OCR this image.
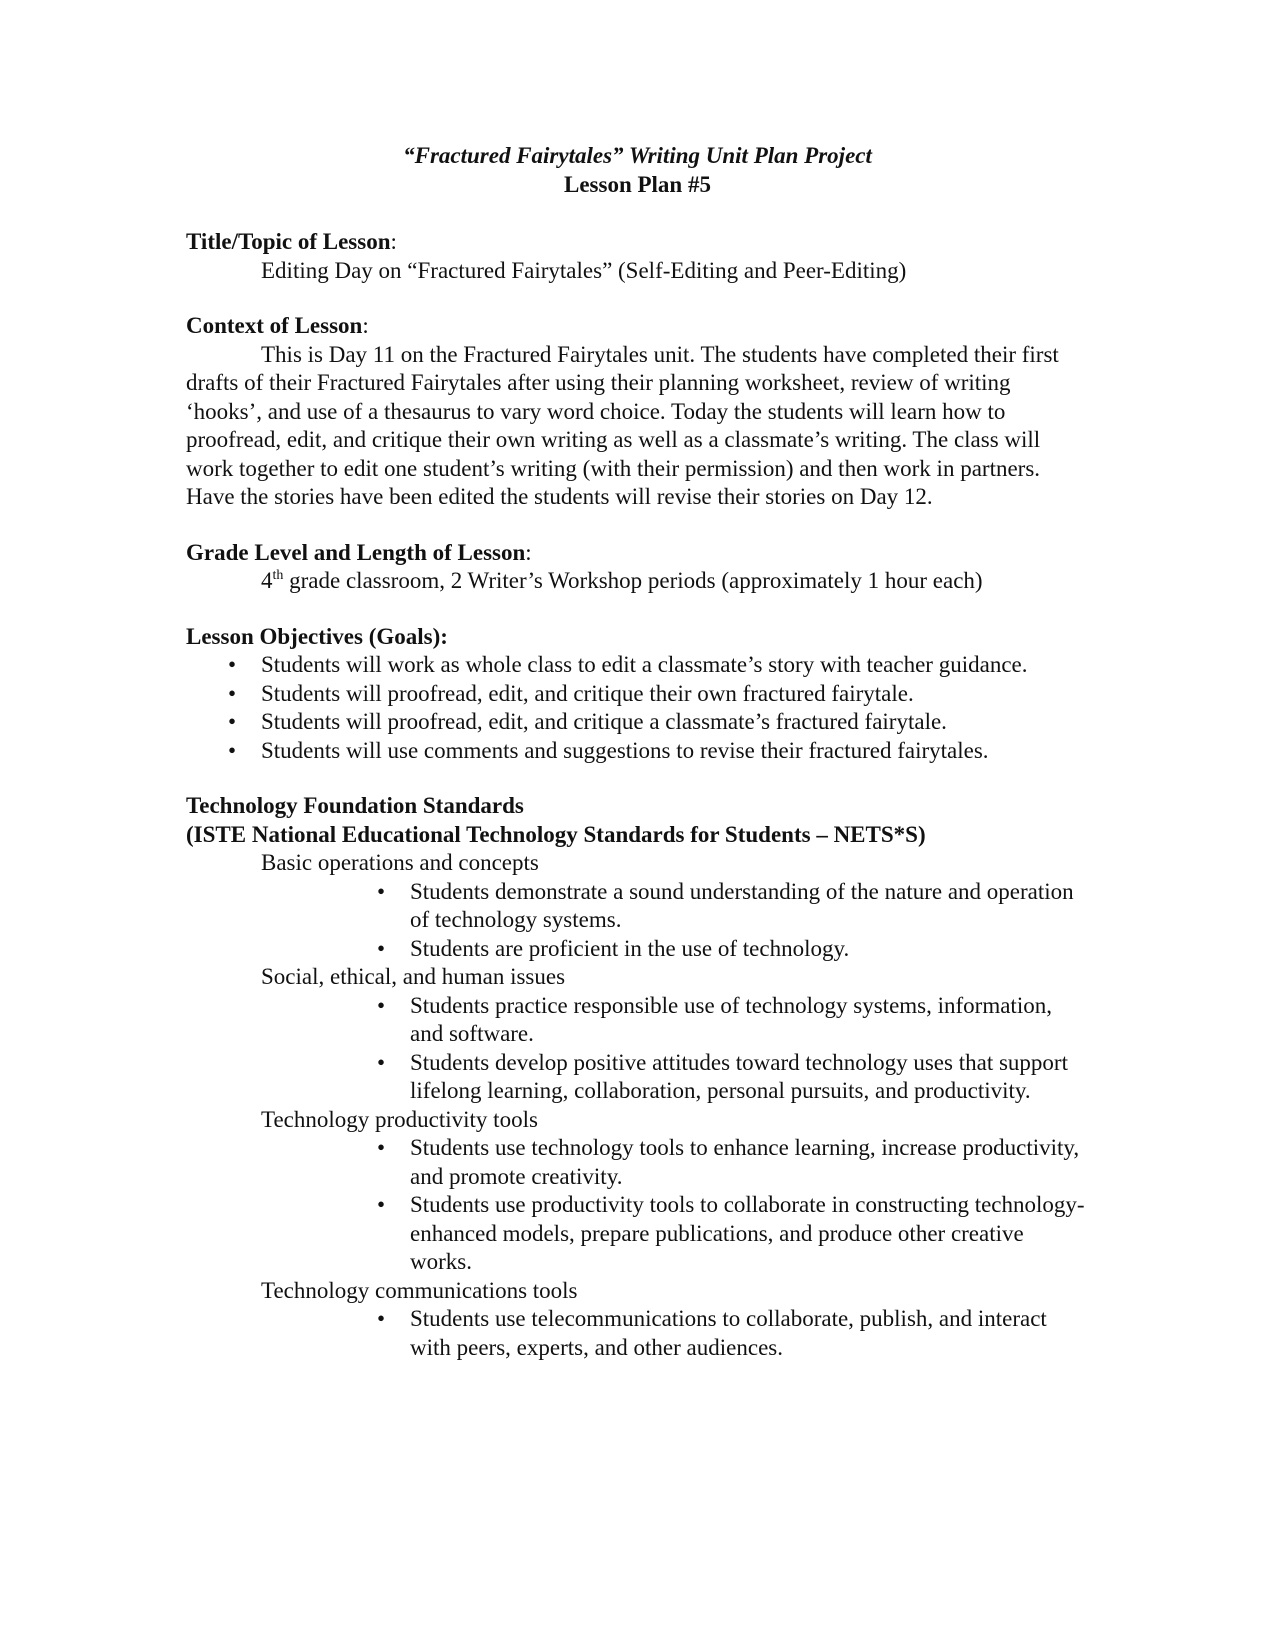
“Fractured Fairytales” Writing Unit Plan Project
Lesson Plan #5
Title/Topic of Lesson:
Editing Day on “Fractured Fairytales” (Self-Editing and Peer-Editing)
Context of Lesson:
This is Day 11 on the Fractured Fairytales unit. The students have completed their first drafts of their Fractured Fairytales after using their planning worksheet, review of writing ‘hooks’, and use of a thesaurus to vary word choice. Today the students will learn how to proofread, edit, and critique their own writing as well as a classmate’s writing. The class will work together to edit one student’s writing (with their permission) and then work in partners. Have the stories have been edited the students will revise their stories on Day 12.
Grade Level and Length of Lesson:
4th grade classroom, 2 Writer’s Workshop periods (approximately 1 hour each)
Lesson Objectives (Goals):
• Students will work as whole class to edit a classmate’s story with teacher guidance.
• Students will proofread, edit, and critique their own fractured fairytale.
• Students will proofread, edit, and critique a classmate’s fractured fairytale.
• Students will use comments and suggestions to revise their fractured fairytales.
Technology Foundation Standards
(ISTE National Educational Technology Standards for Students – NETS*S)
Basic operations and concepts
• Students demonstrate a sound understanding of the nature and operation of technology systems.
• Students are proficient in the use of technology.
Social, ethical, and human issues
• Students practice responsible use of technology systems, information, and software.
• Students develop positive attitudes toward technology uses that support lifelong learning, collaboration, personal pursuits, and productivity.
Technology productivity tools
• Students use technology tools to enhance learning, increase productivity, and promote creativity.
• Students use productivity tools to collaborate in constructing technology-enhanced models, prepare publications, and produce other creative works.
Technology communications tools
• Students use telecommunications to collaborate, publish, and interact with peers, experts, and other audiences.
